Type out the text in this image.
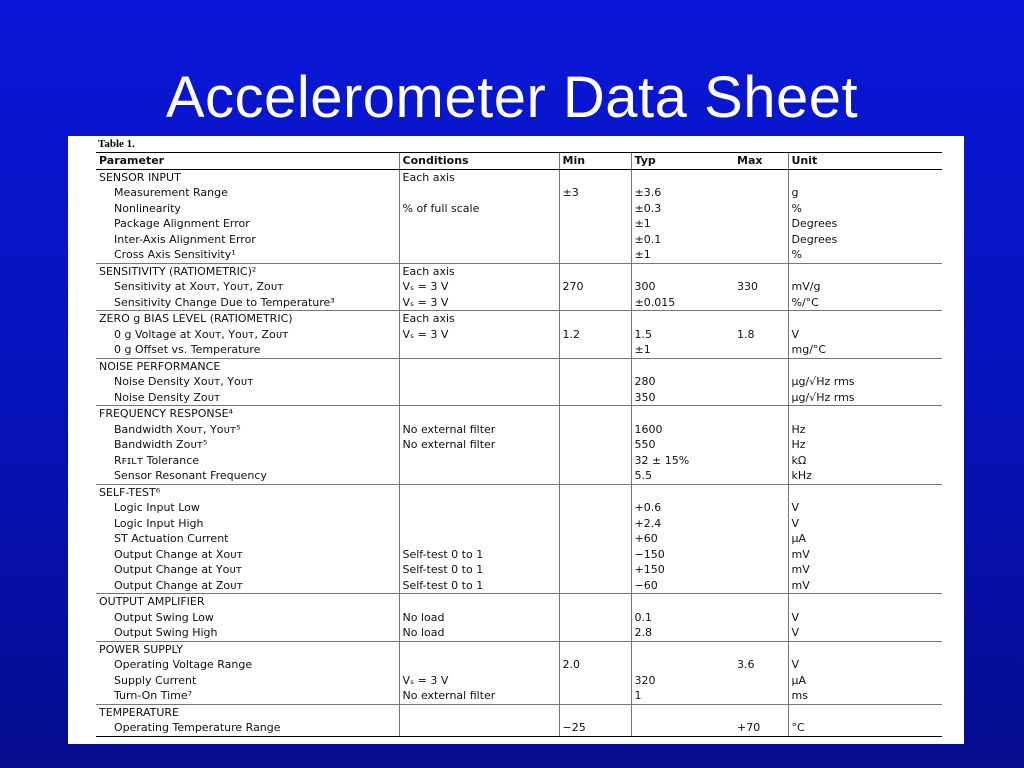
Accelerometer Data Sheet
Table 1.
Parameter	Conditions	Min	Typ	Max	Unit
SENSOR INPUT	Each axis				
Measurement Range		±3	±3.6		g
Nonlinearity	% of full scale		±0.3		%
Package Alignment Error			±1		Degrees
Inter-Axis Alignment Error			±0.1		Degrees
Cross Axis Sensitivity¹			±1		%
SENSITIVITY (RATIOMETRIC)²	Each axis				
Sensitivity at Xᴏᴜᴛ, Yᴏᴜᴛ, Zᴏᴜᴛ	Vₛ = 3 V	270	300	330	mV/g
Sensitivity Change Due to Temperature³	Vₛ = 3 V		±0.015		%/°C
ZERO g BIAS LEVEL (RATIOMETRIC)	Each axis				
0 g Voltage at Xᴏᴜᴛ, Yᴏᴜᴛ, Zᴏᴜᴛ	Vₛ = 3 V	1.2	1.5	1.8	V
0 g Offset vs. Temperature			±1		mg/°C
NOISE PERFORMANCE					
Noise Density Xᴏᴜᴛ, Yᴏᴜᴛ			280		µg/√Hz rms
Noise Density Zᴏᴜᴛ			350		µg/√Hz rms
FREQUENCY RESPONSE⁴					
Bandwidth Xᴏᴜᴛ, Yᴏᴜᴛ⁵	No external filter		1600		Hz
Bandwidth Zᴏᴜᴛ⁵	No external filter		550		Hz
Rꜰɪʟᴛ Tolerance			32 ± 15%		kΩ
Sensor Resonant Frequency			5.5		kHz
SELF-TEST⁶					
Logic Input Low			+0.6		V
Logic Input High			+2.4		V
ST Actuation Current			+60		µA
Output Change at Xᴏᴜᴛ	Self-test 0 to 1		−150		mV
Output Change at Yᴏᴜᴛ	Self-test 0 to 1		+150		mV
Output Change at Zᴏᴜᴛ	Self-test 0 to 1		−60		mV
OUTPUT AMPLIFIER					
Output Swing Low	No load		0.1		V
Output Swing High	No load		2.8		V
POWER SUPPLY					
Operating Voltage Range		2.0		3.6	V
Supply Current	Vₛ = 3 V		320		µA
Turn-On Time⁷	No external filter		1		ms
TEMPERATURE					
Operating Temperature Range		−25		+70	°C
